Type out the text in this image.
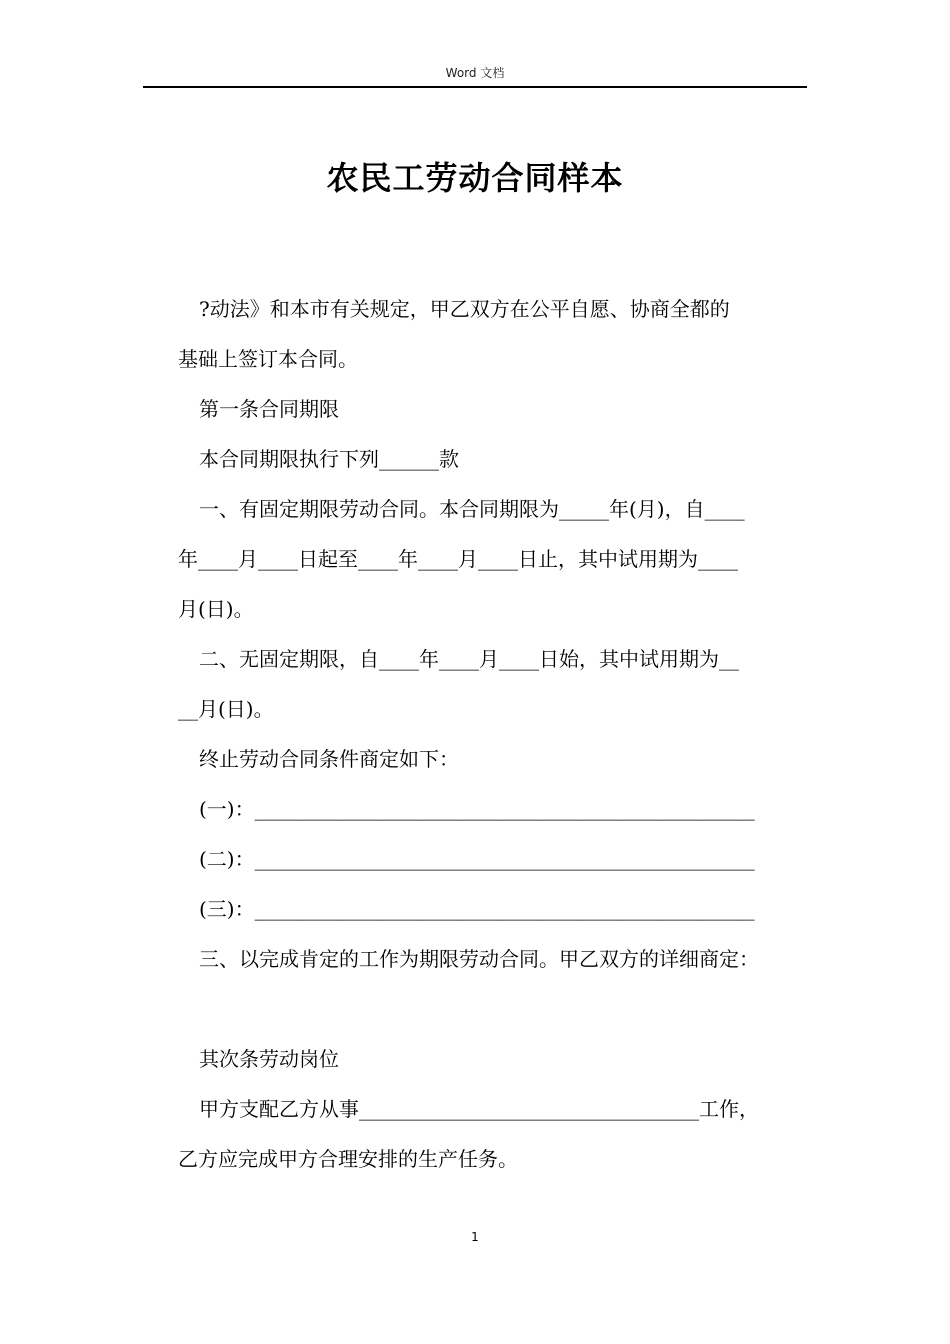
Word 文档
农民工劳动合同样本

?动法》和本市有关规定，甲乙双方在公平自愿、协商全都的

基础上签订本合同。

第一条合同期限

本合同期限执行下列______款

一、有固定期限劳动合同。本合同期限为_____年(月)，自____

年____月____日起至____年____月____日止，其中试用期为____

月(日)。

二、无固定期限，自____年____月____日始，其中试用期为__

__月(日)。

终止劳动合同条件商定如下：

(一)：__________________________________________________

(二)：__________________________________________________

(三)：__________________________________________________

三、以完成肯定的工作为期限劳动合同。甲乙双方的详细商定：

其次条劳动岗位

甲方支配乙方从事__________________________________工作，

乙方应完成甲方合理安排的生产任务。

1
